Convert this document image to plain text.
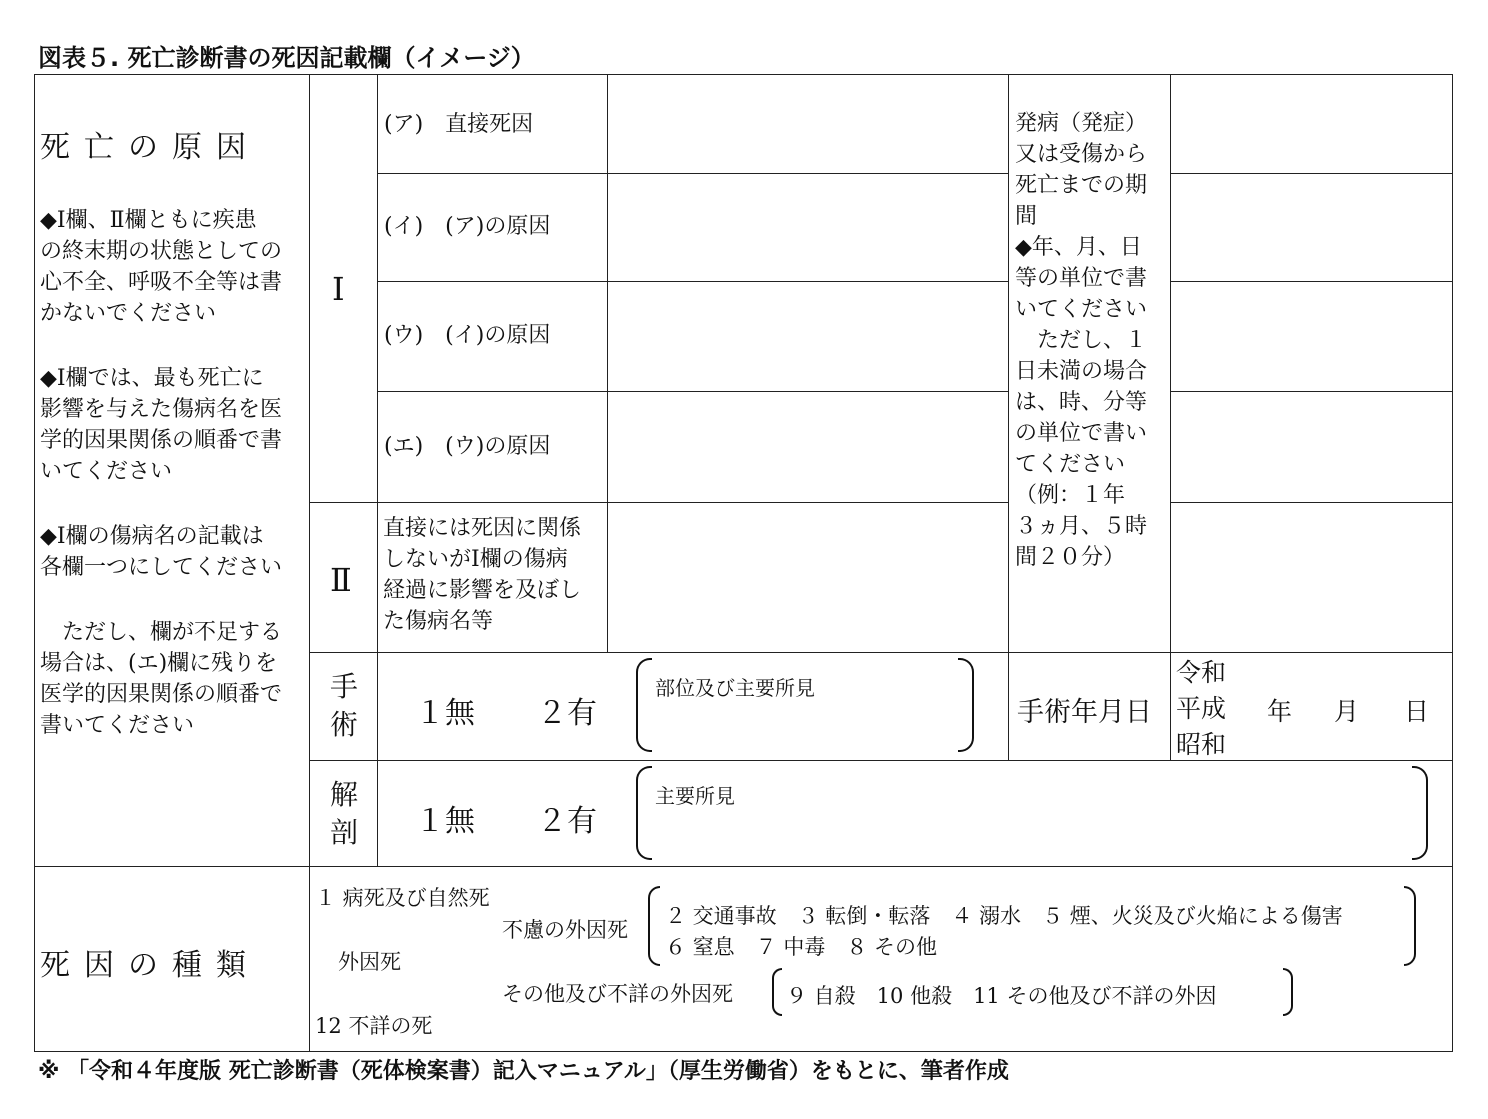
図表５. 死亡診断書の死因記載欄（イメージ）
死亡の原因
◆Ⅰ欄、Ⅱ欄ともに疾患
の終末期の状態としての
心不全、呼吸不全等は書
かないでください
◆Ⅰ欄では、最も死亡に
影響を与えた傷病名を医
学的因果関係の順番で書
いてください
◆Ⅰ欄の傷病名の記載は
各欄一つにしてください
　ただし、欄が不足する
場合は、(エ)欄に残りを
医学的因果関係の順番で
書いてください
Ⅰ
(ア)　直接死因
(イ)　(ア)の原因
(ウ)　(イ)の原因
(エ)　(ウ)の原因
Ⅱ
直接には死因に関係
しないがⅠ欄の傷病
経過に影響を及ぼし
た傷病名等
発病（発症）
又は受傷から
死亡までの期
間
◆年、月、日
等の単位で書
いてください
　ただし、１
日未満の場合
は、時、分等
の単位で書い
てください
（例：１年
３ヵ月、５時
間２０分）
手
術 １無 ２有
部位及び主要所見
手術年月日
令和
平成
昭和
年 月 日
解
剖 １無 ２有
主要所見
死因の種類
１ 病死及び自然死
外因死
不慮の外因死
２ 交通事故　３ 転倒・転落　４ 溺水　５ 煙、火災及び火焔による傷害
６ 窒息　７ 中毒　８ その他
その他及び不詳の外因死	９ 自殺　10 他殺　11 その他及び不詳の外因
12 不詳の死
※ 「令和４年度版 死亡診断書（死体検案書）記入マニュアル」（厚生労働省）をもとに、筆者作成
